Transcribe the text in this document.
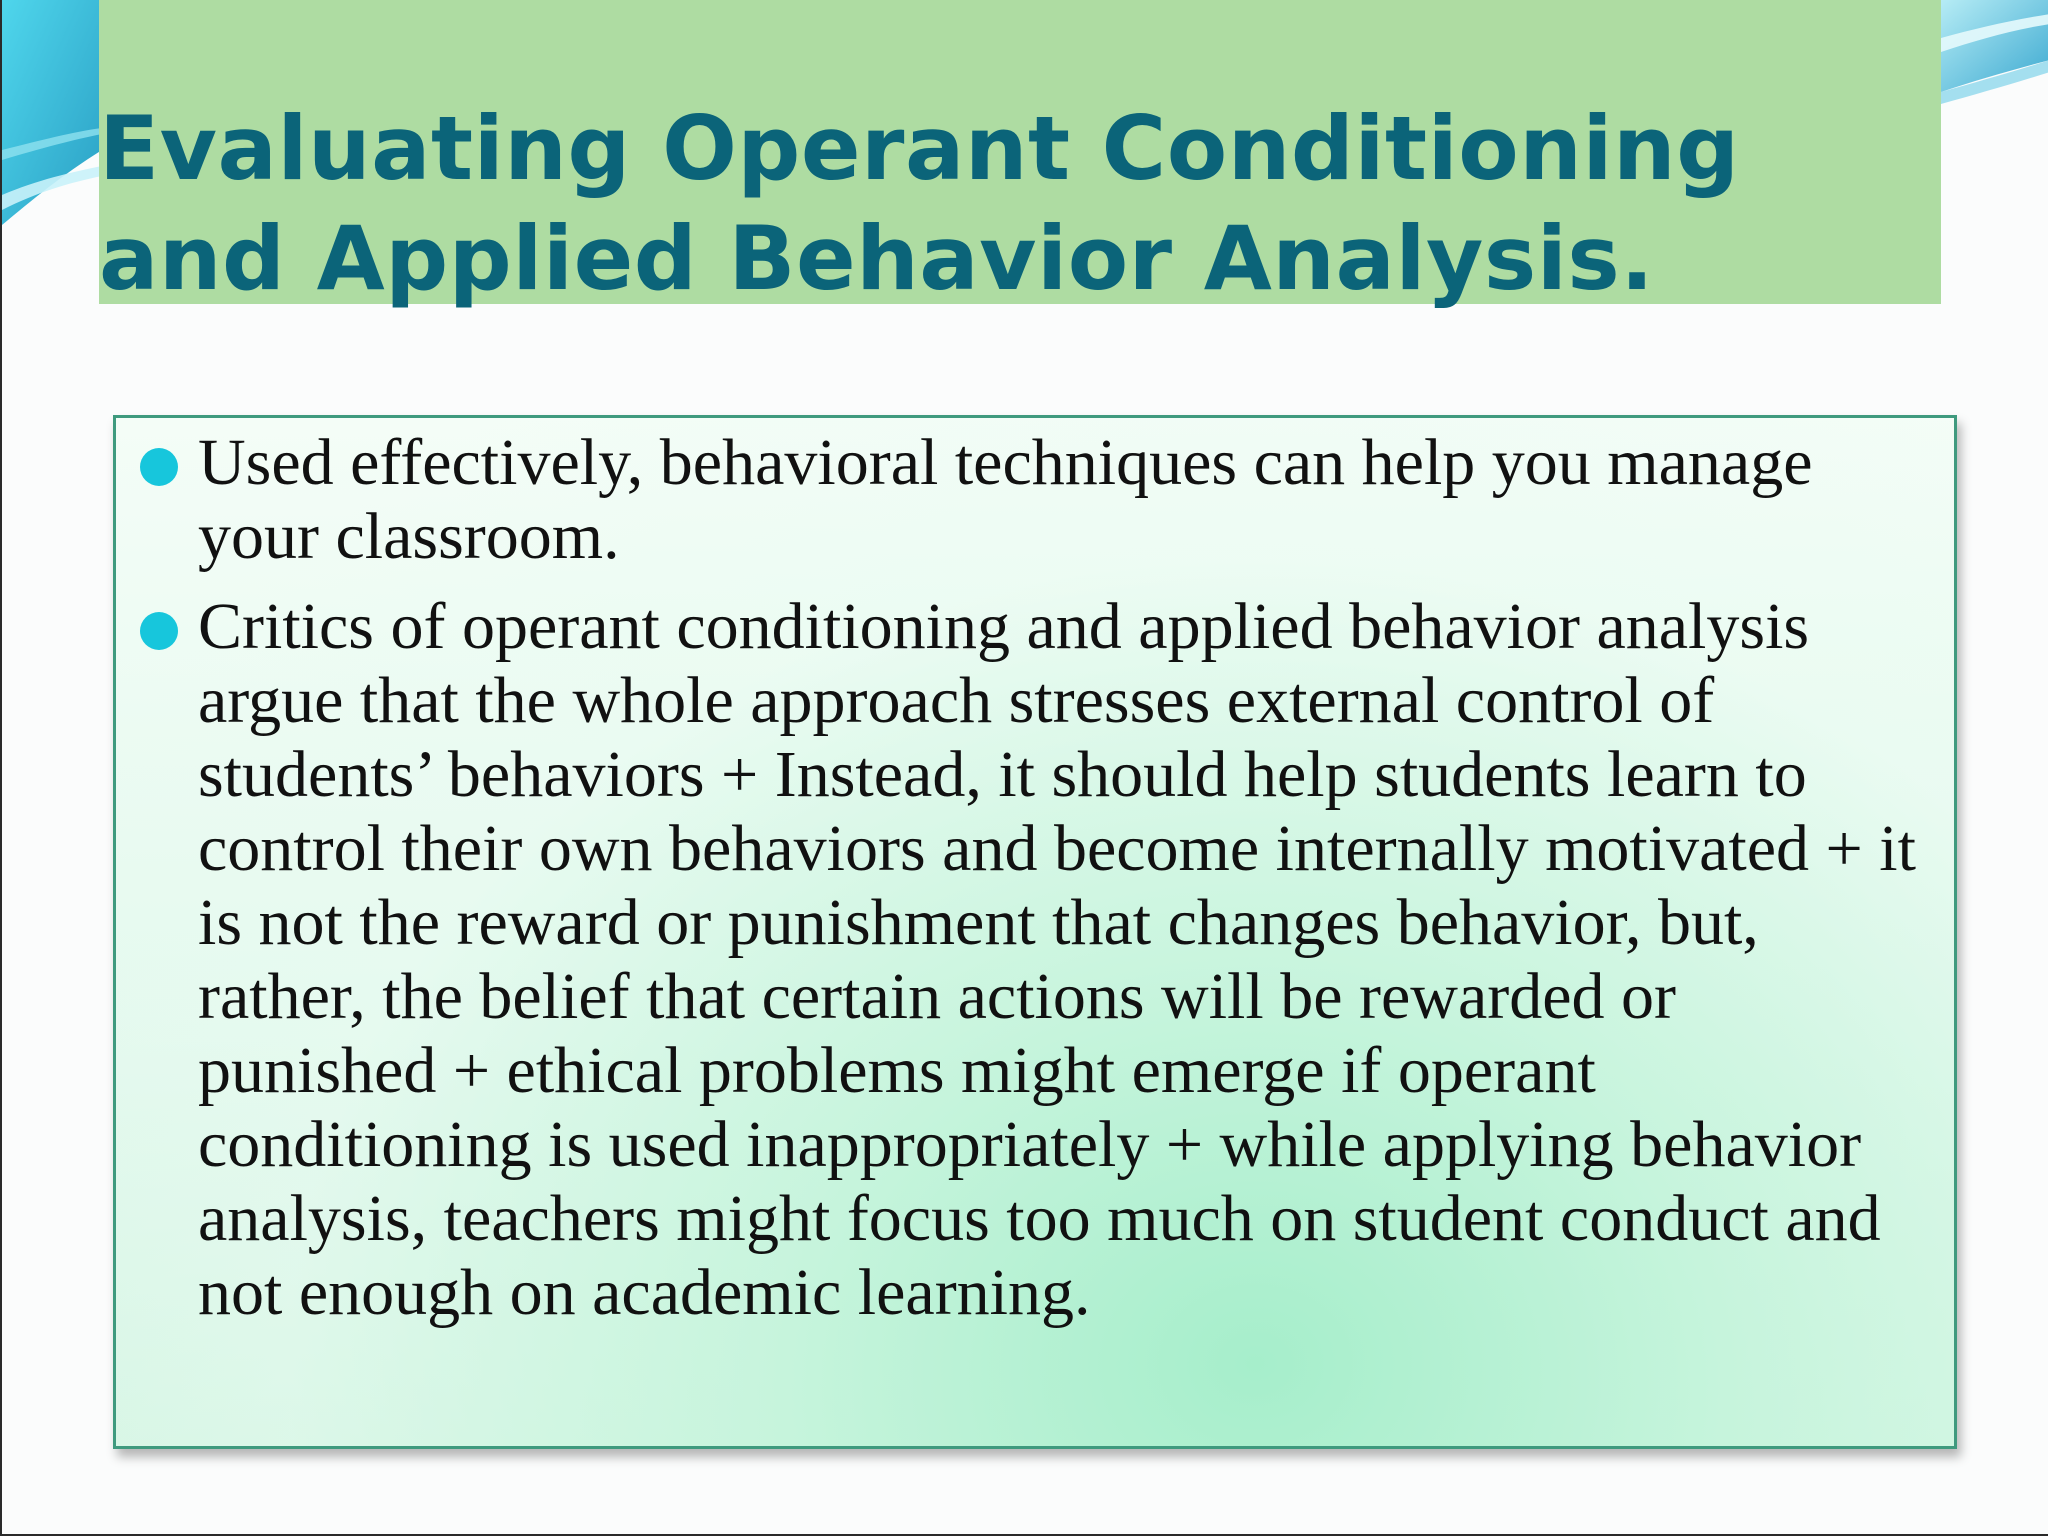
Evaluating Operant Conditioning and Applied Behavior Analysis.
Used effectively, behavioral techniques can help you manage your classroom.
Critics of operant conditioning and applied behavior analysis argue that the whole approach stresses external control of students’ behaviors + Instead, it should help students learn to control their own behaviors and become internally motivated + it is not the reward or punishment that changes behavior, but, rather, the belief that certain actions will be rewarded or punished + ethical problems might emerge if operant conditioning is used inappropriately + while applying behavior analysis, teachers might focus too much on student conduct and not enough on academic learning.
